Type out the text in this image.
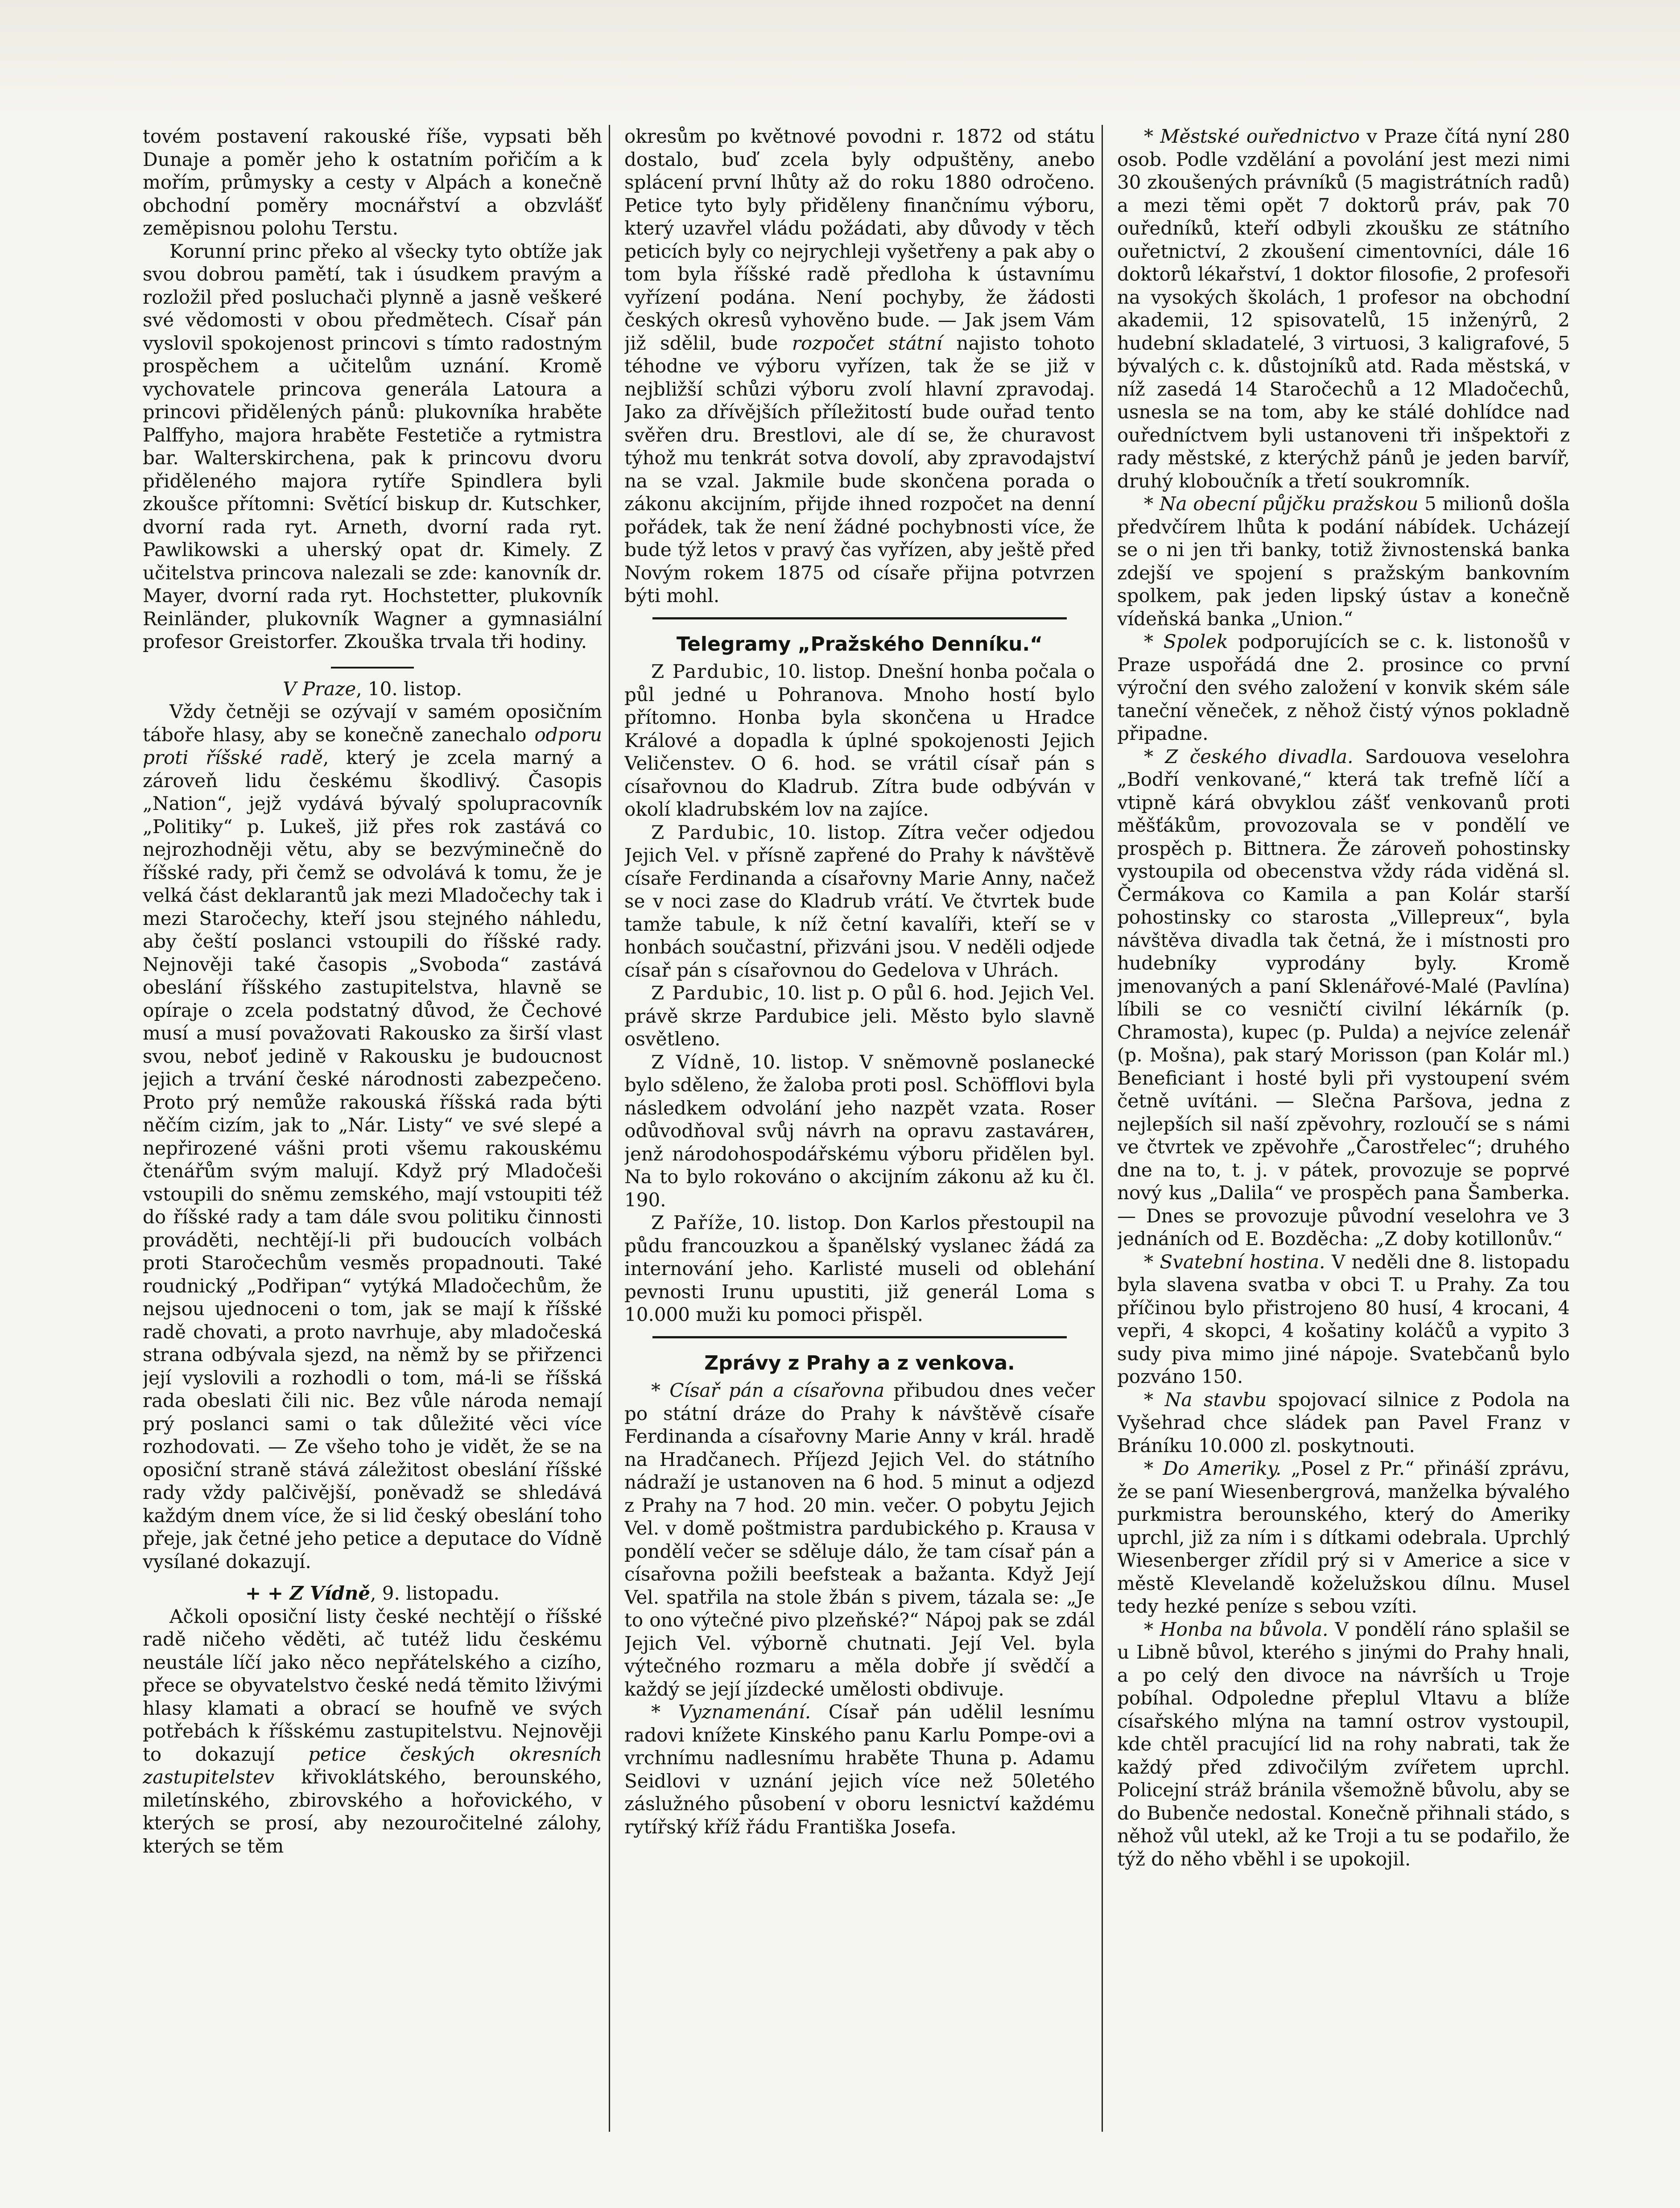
tovém postavení rakouské říše, vypsati běh Dunaje a poměr jeho k ostatním pořičím a k mořím, průmysky a cesty v Alpách a konečně obchodní poměry mocnářství a obzvlášť zeměpisnou polohu Terstu.

Korunní princ překo al všecky tyto obtíže jak svou dobrou pamětí, tak i úsudkem pravým a rozložil před posluchači plynně a jasně veškeré své vědomosti v obou předmětech. Císař pán vyslovil spokojenost princovi s tímto radostným prospěchem a učitelům uznání. Kromě vychovatele princova generála Latoura a princovi přidělených pánů: plukovníka hraběte Palffyho, majora hraběte Festetiče a rytmistra bar. Walterskirchena, pak k princovu dvoru přiděleného majora rytíře Spindlera byli zkoušce přítomni: Světící biskup dr. Kutschker, dvorní rada ryt. Arneth, dvorní rada ryt. Pawlikowski a uherský opat dr. Kimely. Z učitelstva princova nalezali se zde: kanovník dr. Mayer, dvorní rada ryt. Hochstetter, plukovník Reinländer, plukovník Wagner a gymnasiální profesor Greistorfer. Zkouška trvala tři hodiny.

V Praze, 10. listop.

Vždy četněji se ozývají v samém oposičním táboře hlasy, aby se konečně zanechalo odporu proti říšské radě, který je zcela marný a zároveň lidu českému škodlivý. Časopis „Nation“, jejž vydává bývalý spolupracovník „Politiky“ p. Lukeš, již přes rok zastává co nejrozhodněji větu, aby se bezvýminečně do říšské rady, při čemž se odvolává k tomu, že je velká část deklarantů jak mezi Mladočechy tak i mezi Staročechy, kteří jsou stejného náhledu, aby čeští poslanci vstoupili do říšské rady. Nejnověji také časopis „Svoboda“ zastává obeslání říšského zastupitelstva, hlavně se opíraje o zcela podstatný důvod, že Čechové musí a musí považovati Rakousko za širší vlast svou, neboť jedině v Rakousku je budoucnost jejich a trvání české národnosti zabezpečeno. Proto prý nemůže rakouská říšská rada býti něčím cizím, jak to „Nár. Listy“ ve své slepé a nepřirozené vášni proti všemu rakouskému čtenářům svým malují. Když prý Mladočeši vstoupili do sněmu zemského, mají vstoupiti též do říšské rady a tam dále svou politiku činnosti prováděti, nechtějí-li při budoucích volbách proti Staročechům vesměs propadnouti. Také roudnický „Podřipan“ vytýká Mladočechům, že nejsou ujednoceni o tom, jak se mají k říšské radě chovati, a proto navrhuje, aby mladočeská strana odbývala sjezd, na němž by se přiřzenci její vyslovili a rozhodli o tom, má-li se říšská rada obeslati čili nic. Bez vůle národa nemají prý poslanci sami o tak důležité věci více rozhodovati. — Ze všeho toho je vidět, že se na oposiční straně stává záležitost obeslání říšské rady vždy palčivější, poněvadž se shledává každým dnem více, že si lid český obeslání toho přeje, jak četné jeho petice a deputace do Vídně vysílané dokazují.

+ + Z Vídně, 9. listopadu.

Ačkoli oposiční listy české nechtějí o říšské radě ničeho věděti, ač tutéž lidu českému neustále líčí jako něco nepřátelského a cizího, přece se obyvatelstvo české nedá těmito lživými hlasy klamati a obrací se houfně ve svých potřebách k říšskému zastupitelstvu. Nejnověji to dokazují petice českých okresních zastupitelstev křivoklátského, berounského, miletínského, zbirovského a hořovického, v kterých se prosí, aby nezouročitelné zálohy, kterých se těm

okresům po květnové povodni r. 1872 od státu dostalo, buď zcela byly odpuštěny, anebo splácení první lhůty až do roku 1880 odročeno. Petice tyto byly přiděleny finančnímu výboru, který uzavřel vládu požádati, aby důvody v těch peticích byly co nejrychleji vyšetřeny a pak aby o tom byla říšské radě předloha k ústavnímu vyřízení podána. Není pochyby, že žádosti českých okresů vyhověno bude. — Jak jsem Vám již sdělil, bude rozpočet státní najisto tohoto téhodne ve výboru vyřízen, tak že se již v nejbližší schůzi výboru zvolí hlavní zpravodaj. Jako za dřívějších příležitostí bude ouřad tento svěřen dru. Brestlovi, ale dí se, že churavost týhož mu tenkrát sotva dovolí, aby zpravodajství na se vzal. Jakmile bude skončena porada o zákonu akcijním, přijde ihned rozpočet na denní pořádek, tak že není žádné pochybnosti více, že bude týž letos v pravý čas vyřízen, aby ještě před Novým rokem 1875 od císaře přijna potvrzen býti mohl.

Telegramy „Pražského Denníku.“

Z Pardubic, 10. listop. Dnešní honba počala o půl jedné u Pohranova. Mnoho hostí bylo přítomno. Honba byla skončena u Hradce Králové a dopadla k úplné spokojenosti Jejich Veličenstev. O 6. hod. se vrátil císař pán s císařovnou do Kladrub. Zítra bude odbýván v okolí kladrubském lov na zajíce.

Z Pardubic, 10. listop. Zítra večer odjedou Jejich Vel. v přísně zapřené do Prahy k návštěvě císaře Ferdinanda a císařovny Marie Anny, načež se v noci zase do Kladrub vrátí. Ve čtvrtek bude tamže tabule, k níž četní kavalíři, kteří se v honbách součastní, přizváni jsou. V neděli odjede císař pán s císařovnou do Gedelova v Uhrách.

Z Pardubic, 10. list p. O půl 6. hod. Jejich Vel. právě skrze Pardubice jeli. Město bylo slavně osvětleno.

Z Vídně, 10. listop. V sněmovně poslanecké bylo sděleno, že žaloba proti posl. Schöfflovi byla následkem odvolání jeho nazpět vzata. Roser odůvodňoval svůj návrh na opravu zastavárен, jenž národohospodářskému výboru přidělen byl. Na to bylo rokováno o akcijním zákonu až ku čl. 190.

Z Paříže, 10. listop. Don Karlos přestoupil na půdu francouzkou a španělský vyslanec žádá za internování jeho. Karlisté museli od oblehání pevnosti Irunu upustiti, již generál Loma s 10.000 muži ku pomoci přispěl.

Zprávy z Prahy a z venkova.

* Císař pán a císařovna přibudou dnes večer po státní dráze do Prahy k návštěvě císaře Ferdinanda a císařovny Marie Anny v král. hradě na Hradčanech. Příjezd Jejich Vel. do státního nádraží je ustanoven na 6 hod. 5 minut a odjezd z Prahy na 7 hod. 20 min. večer. O pobytu Jejich Vel. v domě poštmistra pardubického p. Krausa v pondělí večer se sděluje dálo, že tam císař pán a císařovna požili beefsteak a bažanta. Když Její Vel. spatřila na stole žbán s pivem, tázala se: „Je to ono výtečné pivo plzeňské?“ Nápoj pak se zdál Jejich Vel. výborně chutnati. Její Vel. byla výtečného rozmaru a měla dobře jí svědčí a každý se její jízdecké umělosti obdivuje.

* Vyznamenání. Císař pán udělil lesnímu radovi knížete Kinského panu Karlu Pompe-ovi a vrchnímu nadlesnímu hraběte Thuna p. Adamu Seidlovi v uznání jejich více než 50letého záslužného působení v oboru lesnictví každému rytířský kříž řádu Františka Josefa.

* Městské ouřednictvo v Praze čítá nyní 280 osob. Podle vzdělání a povolání jest mezi nimi 30 zkoušených právníků (5 magistrátních radů) a mezi těmi opět 7 doktorů práv, pak 70 ouředníků, kteří odbyli zkoušku ze státního ouřetnictví, 2 zkoušení cimentovníci, dále 16 doktorů lékařství, 1 doktor filosofie, 2 profesoři na vysokých školách, 1 profesor na obchodní akademii, 12 spisovatelů, 15 inženýrů, 2 hudební skladatelé, 3 virtuosi, 3 kaligrafové, 5 bývalých c. k. důstojníků atd. Rada městská, v níž zasedá 14 Staročechů a 12 Mladočechů, usnesla se na tom, aby ke stálé dohlídce nad ouředníctvem byli ustanoveni tři inšpektoři z rady městské, z kterýchž pánů je jeden barvíř, druhý kloboučník a třetí soukromník.

* Na obecní půjčku pražskou 5 milionů došla předvčírem lhůta k podání nábídek. Ucházejí se o ni jen tři banky, totiž živnostenská banka zdejší ve spojení s pražským bankovním spolkem, pak jeden lipský ústav a konečně vídeňská banka „Union.“

* Spolek podporujících se c. k. listonošů v Praze uspořádá dne 2. prosince co první výroční den svého založení v konvik ském sále taneční věneček, z něhož čistý výnos pokladně připadne.

* Z českého divadla. Sardouova veselohra „Bodří venkované,“ která tak trefně líčí a vtipně kárá obvyklou zášť venkovanů proti měšťákům, provozovala se v pondělí ve prospěch p. Bittnera. Že zároveň pohostinsky vystoupila od obecenstva vždy ráda viděná sl. Čermákova co Kamila a pan Kolár starší pohostinsky co starosta „Villepreux“, byla návštěva divadla tak četná, že i místnosti pro hudebníky vyprodány byly. Kromě jmenovaných a paní Sklenářové-Malé (Pavlína) líbili se co vesničtí civilní lékárník (p. Chramosta), kupec (p. Pulda) a nejvíce zelenář (p. Mošna), pak starý Morisson (pan Kolár ml.) Beneficiant i hosté byli při vystoupení svém četně uvítáni. — Slečna Paršova, jedna z nejlepších sil naší zpěvohry, rozloučí se s námi ve čtvrtek ve zpěvohře „Čarostřelec“; druhého dne na to, t. j. v pátek, provozuje se poprvé nový kus „Dalila“ ve prospěch pana Šamberka. — Dnes se provozuje původní veselohra ve 3 jednáních od E. Bozděcha: „Z doby kotillonův.“

* Svatební hostina. V neděli dne 8. listopadu byla slavena svatba v obci T. u Prahy. Za tou příčinou bylo přistrojeno 80 husí, 4 krocani, 4 vepři, 4 skopci, 4 košatiny koláčů a vypito 3 sudy piva mimo jiné nápoje. Svatebčanů bylo pozváno 150.

* Na stavbu spojovací silnice z Podola na Vyšehrad chce sládek pan Pavel Franz v Bráníku 10.000 zl. poskytnouti.

* Do Ameriky. „Posel z Pr.“ přináší zprávu, že se paní Wiesenbergrová, manželka bývalého purkmistra berounského, který do Ameriky uprchl, již za ním i s dítkami odebrala. Uprchlý Wiesenberger zřídil prý si v Americe a sice v městě Klevelandě koželužskou dílnu. Musel tedy hezké peníze s sebou vzíti.

* Honba na bůvola. V pondělí ráno splašil se u Libně bůvol, kterého s jinými do Prahy hnali, a po celý den divoce na návrších u Troje pobíhal. Odpoledne přeplul Vltavu a blíže císařského mlýna na tamní ostrov vystoupil, kde chtěl pracující lid na rohy nabrati, tak že každý před zdivočilým zvířetem uprchl. Policejní stráž bránila všemožně bůvolu, aby se do Bubenče nedostal. Konečně přihnali stádo, s něhož vůl utekl, až ke Troji a tu se podařilo, že týž do něho vběhl i se upokojil.
